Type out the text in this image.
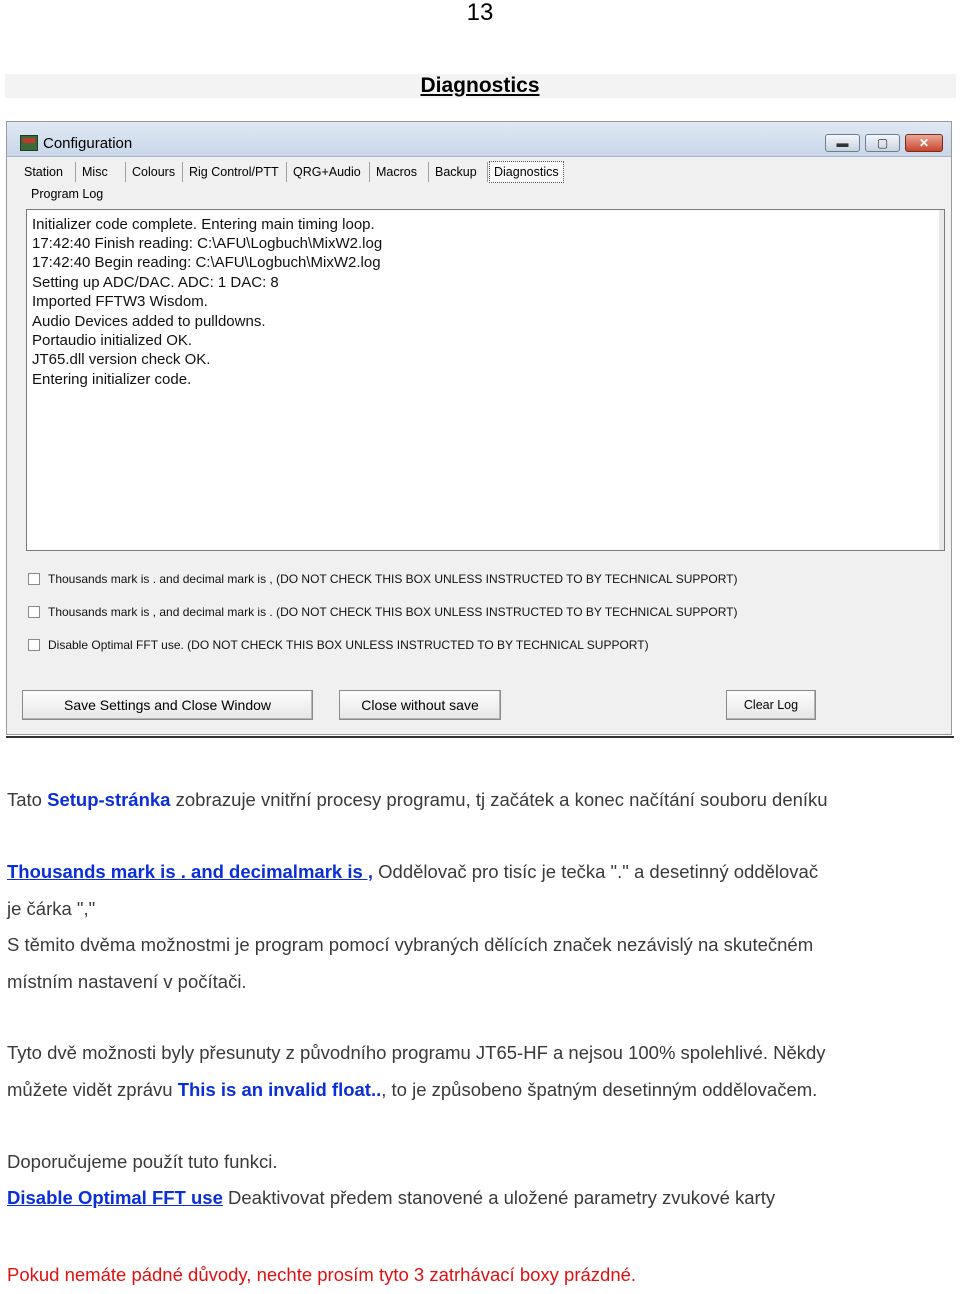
13
Diagnostics
Configuration	▬	▢	✕
Station Misc Colours Rig Control/PTT QRG+Audio Macros Backup	Diagnostics
Program Log
Initializer code complete. Entering main timing loop.
17:42:40 Finish reading: C:\AFU\Logbuch\MixW2.log
17:42:40 Begin reading: C:\AFU\Logbuch\MixW2.log
Setting up ADC/DAC. ADC: 1 DAC: 8
Imported FFTW3 Wisdom.
Audio Devices added to pulldowns.
Portaudio initialized OK.
JT65.dll version check OK.
Entering initializer code.
Thousands mark is . and decimal mark is , (DO NOT CHECK THIS BOX UNLESS INSTRUCTED TO BY TECHNICAL SUPPORT)
Thousands mark is , and decimal mark is . (DO NOT CHECK THIS BOX UNLESS INSTRUCTED TO BY TECHNICAL SUPPORT)
Disable Optimal FFT use. (DO NOT CHECK THIS BOX UNLESS INSTRUCTED TO BY TECHNICAL SUPPORT)
Save Settings and Close Window	Close without save	Clear Log
Tato Setup-stránka zobrazuje vnitřní procesy programu, tj začátek a konec načítání souboru deníku
Thousands mark is . and decimalmark is , Oddělovač pro tisíc je tečka "." a desetinný oddělovač
je čárka ","
S těmito dvěma možnostmi je program pomocí vybraných dělících značek nezávislý na skutečném
místním nastavení v počítači.
Tyto dvě možnosti byly přesunuty z původního programu JT65-HF a nejsou 100% spolehlivé. Někdy
můžete vidět zprávu This is an invalid float.., to je způsobeno špatným desetinným oddělovačem.
Doporučujeme použít tuto funkci.
Disable Optimal FFT use Deaktivovat předem stanovené a uložené parametry zvukové karty
Pokud nemáte pádné důvody, nechte prosím tyto 3 zatrhávací boxy prázdné.
